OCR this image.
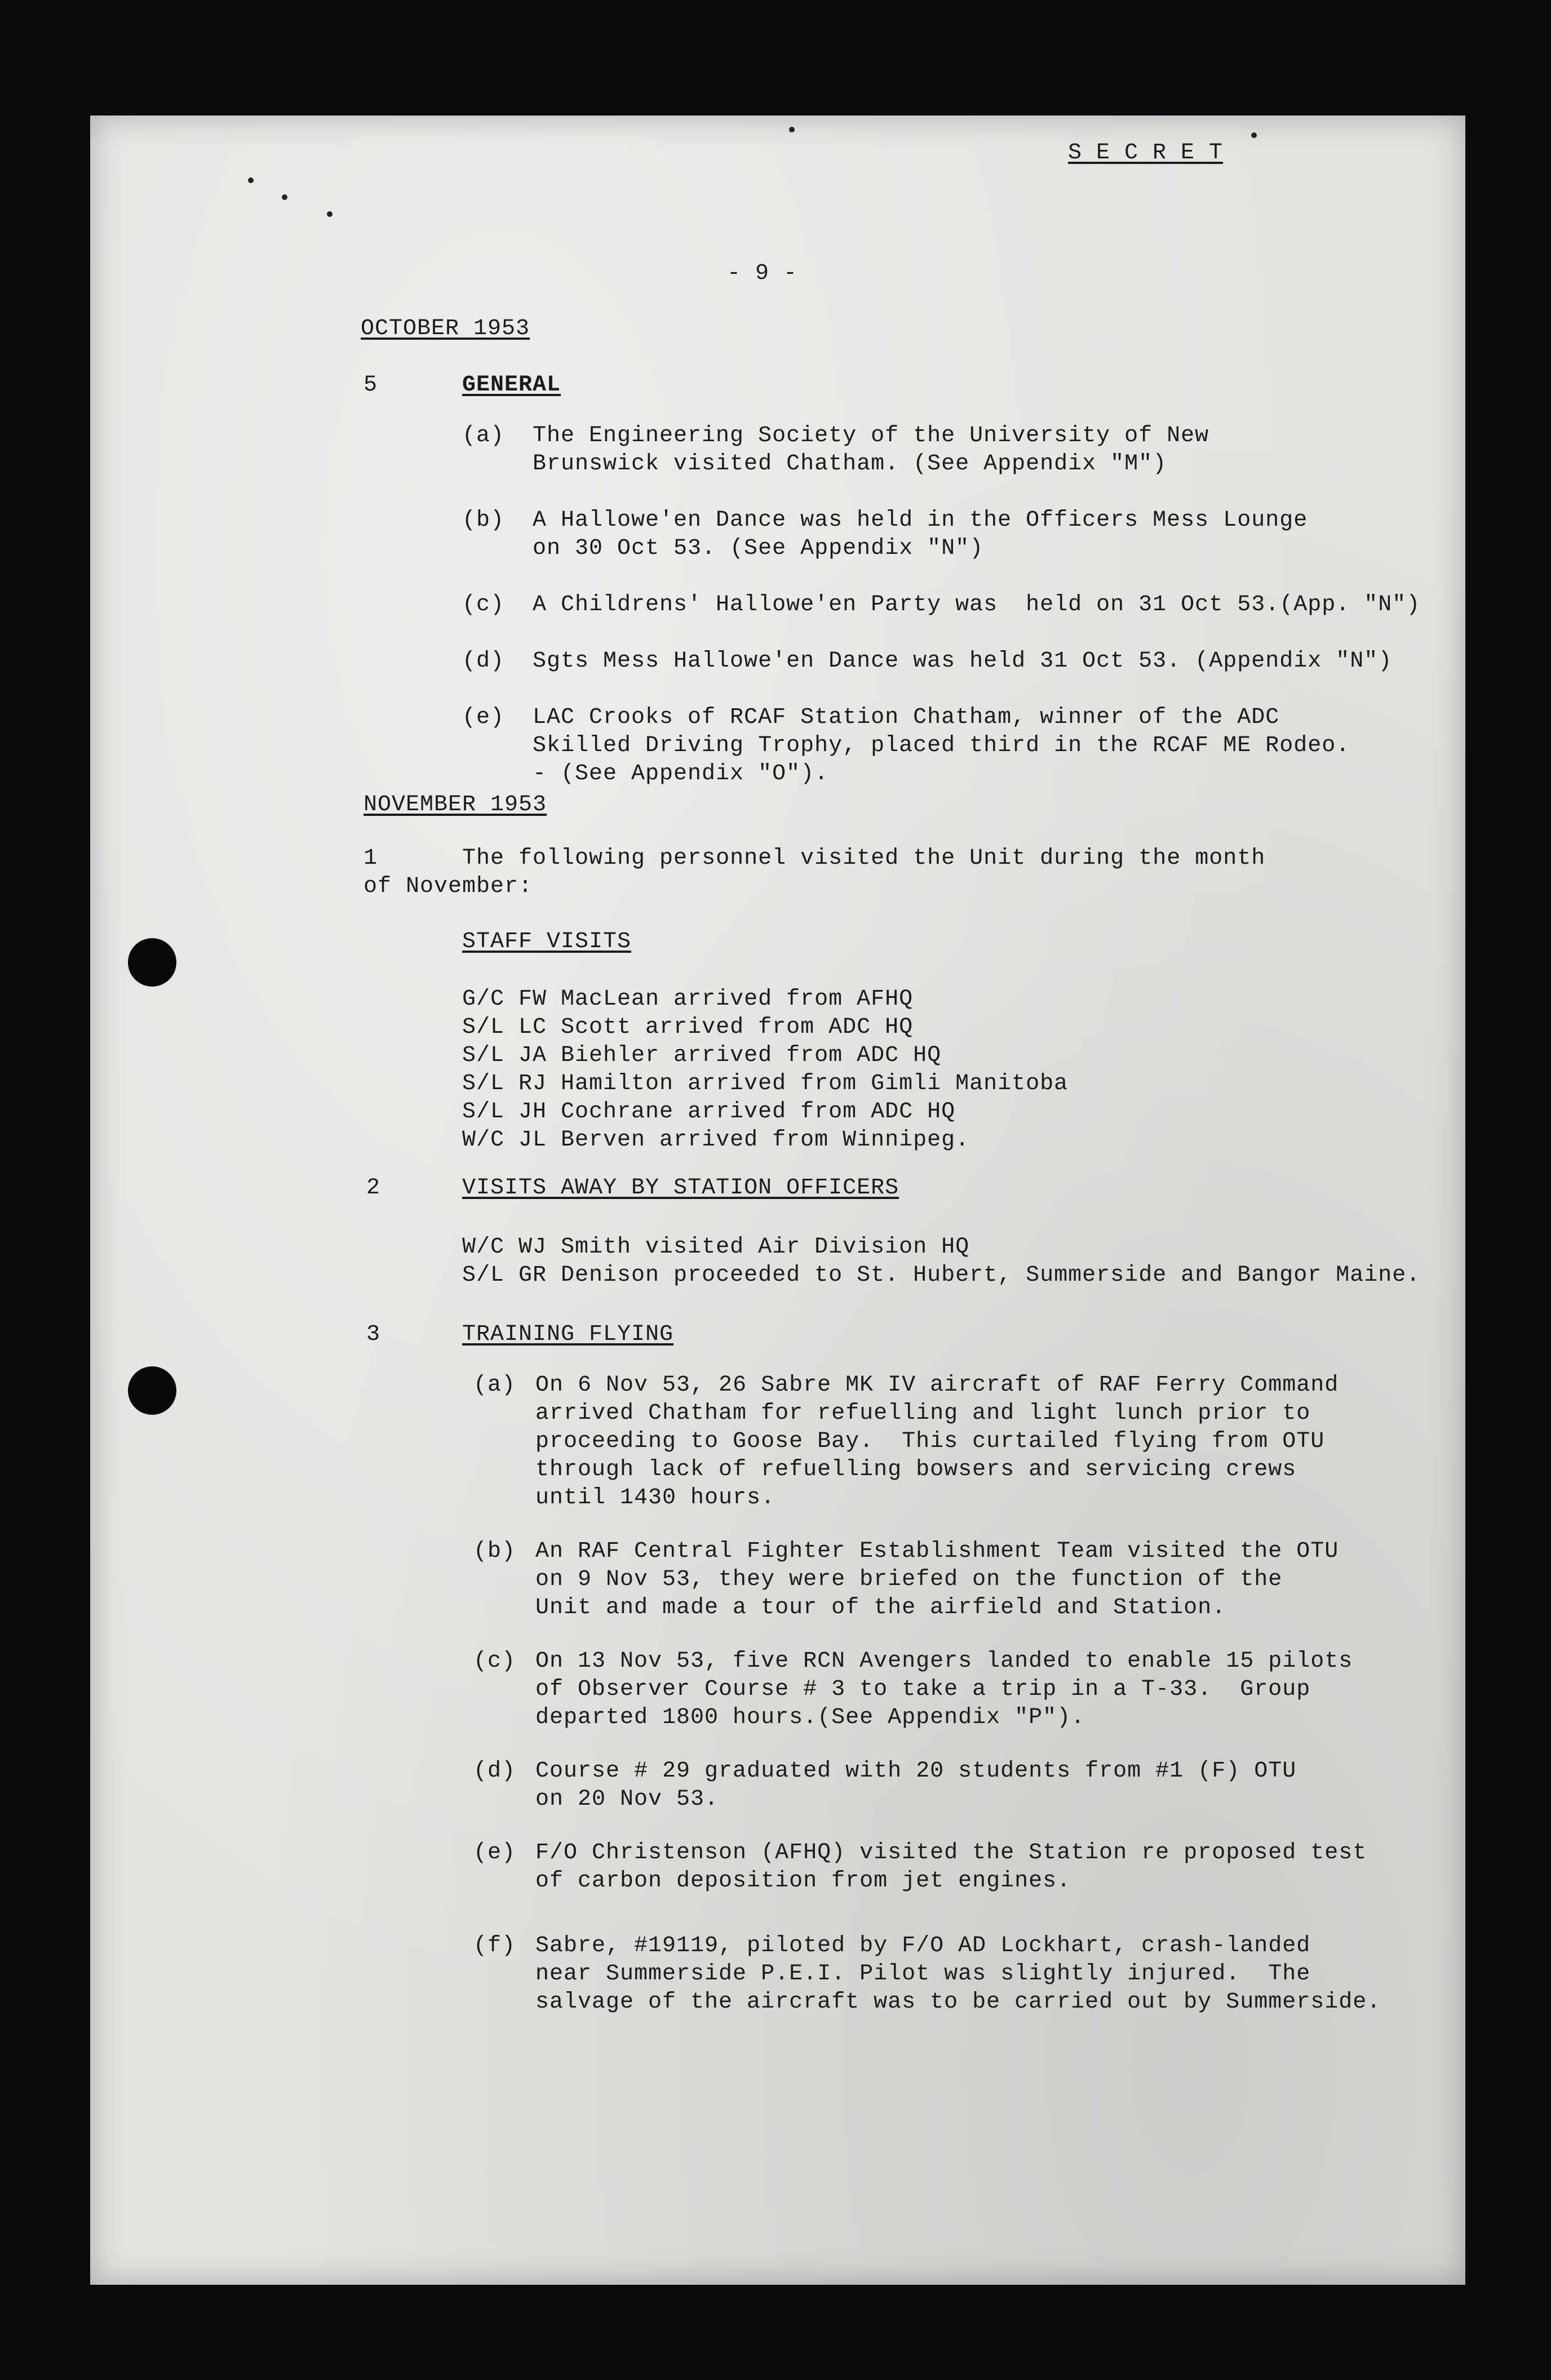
S E C R E T
- 9 -
OCTOBER 1953
5	GENERAL
(a) The Engineering Society of the University of New
Brunswick visited Chatham. (See Appendix "M")
(b) A Hallowe'en Dance was held in the Officers Mess Lounge
on 30 Oct 53. (See Appendix "N")
(c) A Childrens' Hallowe'en Party was  held on 31 Oct 53.(App. "N")
(d) Sgts Mess Hallowe'en Dance was held 31 Oct 53. (Appendix "N")
(e) LAC Crooks of RCAF Station Chatham, winner of the ADC
Skilled Driving Trophy, placed third in the RCAF ME Rodeo.
- (See Appendix "O").
NOVEMBER 1953
1	The following personnel visited the Unit during the month
of November:
STAFF VISITS
G/C FW MacLean arrived from AFHQ
S/L LC Scott arrived from ADC HQ
S/L JA Biehler arrived from ADC HQ
S/L RJ Hamilton arrived from Gimli Manitoba
S/L JH Cochrane arrived from ADC HQ
W/C JL Berven arrived from Winnipeg.
2	VISITS AWAY BY STATION OFFICERS
W/C WJ Smith visited Air Division HQ
S/L GR Denison proceeded to St. Hubert, Summerside and Bangor Maine.
3	TRAINING FLYING
(a) On 6 Nov 53, 26 Sabre MK IV aircraft of RAF Ferry Command
arrived Chatham for refuelling and light lunch prior to
proceeding to Goose Bay.  This curtailed flying from OTU
through lack of refuelling bowsers and servicing crews
until 1430 hours.
(b) An RAF Central Fighter Establishment Team visited the OTU
on 9 Nov 53, they were briefed on the function of the
Unit and made a tour of the airfield and Station.
(c) On 13 Nov 53, five RCN Avengers landed to enable 15 pilots
of Observer Course # 3 to take a trip in a T-33.  Group
departed 1800 hours.(See Appendix "P").
(d) Course # 29 graduated with 20 students from #1 (F) OTU
on 20 Nov 53.
(e) F/O Christenson (AFHQ) visited the Station re proposed test
of carbon deposition from jet engines.
(f) Sabre, #19119, piloted by F/O AD Lockhart, crash-landed
near Summerside P.E.I. Pilot was slightly injured.  The
salvage of the aircraft was to be carried out by Summerside.
